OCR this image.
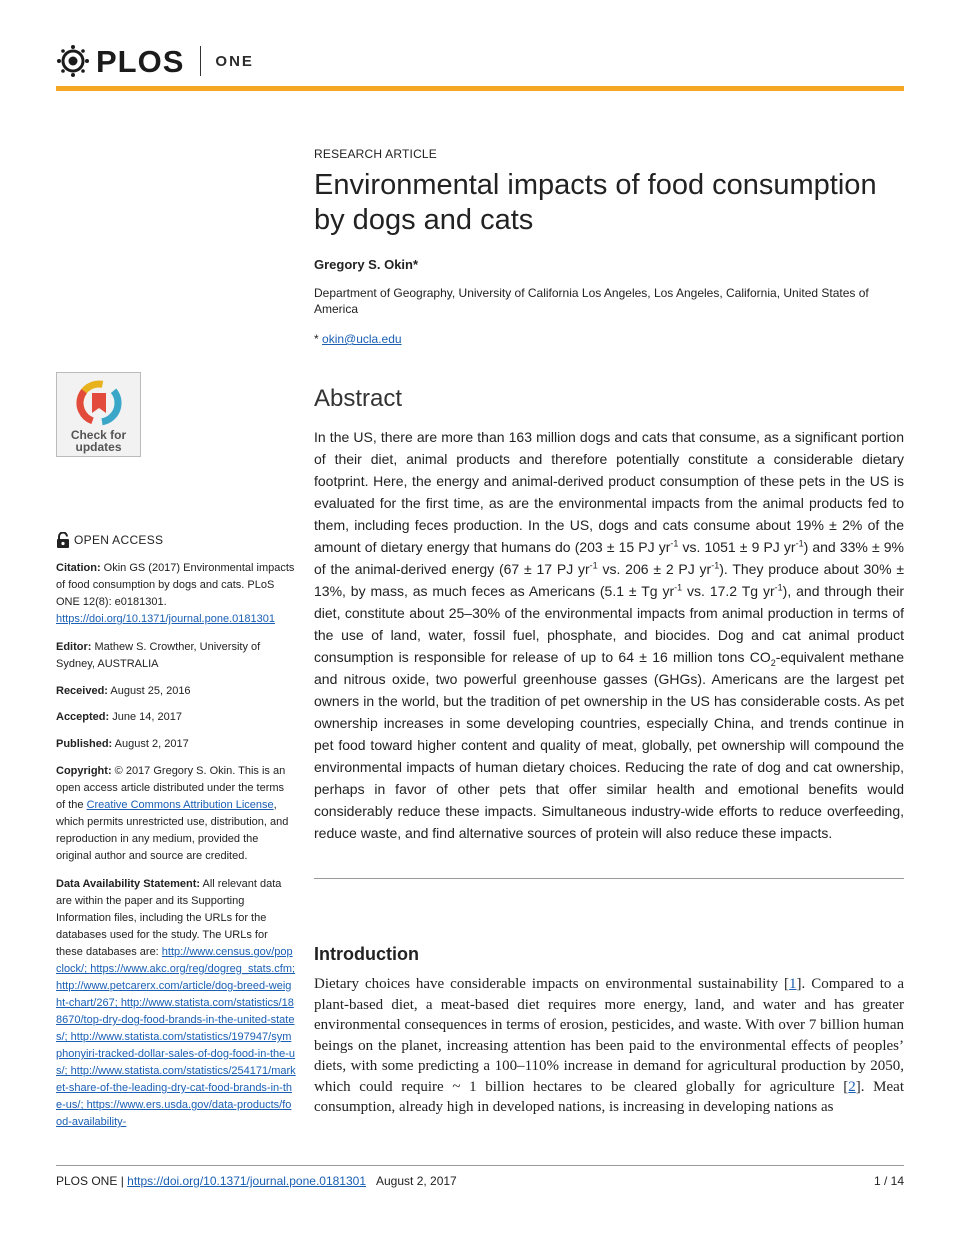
PLOS ONE
RESEARCH ARTICLE
Environmental impacts of food consumption by dogs and cats
Gregory S. Okin*
Department of Geography, University of California Los Angeles, Los Angeles, California, United States of America
* okin@ucla.edu
Abstract
In the US, there are more than 163 million dogs and cats that consume, as a significant portion of their diet, animal products and therefore potentially constitute a considerable dietary footprint. Here, the energy and animal-derived product consumption of these pets in the US is evaluated for the first time, as are the environmental impacts from the animal products fed to them, including feces production. In the US, dogs and cats consume about 19% ± 2% of the amount of dietary energy that humans do (203 ± 15 PJ $yr^{-1}$ vs. 1051 ± 9 PJ $yr^{-1}$) and 33% ± 9% of the animal-derived energy (67 ± 17 PJ $yr^{-1}$ vs. 206 ± 2 PJ $yr^{-1}$). They produce about 30% ± 13%, by mass, as much feces as Americans (5.1 ± Tg $yr^{-1}$ vs. 17.2 Tg $yr^{-1}$), and through their diet, constitute about 25–30% of the environmental impacts from animal production in terms of the use of land, water, fossil fuel, phosphate, and biocides. Dog and cat animal product consumption is responsible for release of up to 64 ± 16 million tons $CO_2$-equivalent methane and nitrous oxide, two powerful greenhouse gasses (GHGs). Americans are the largest pet owners in the world, but the tradition of pet ownership in the US has considerable costs. As pet ownership increases in some developing countries, especially China, and trends continue in pet food toward higher content and quality of meat, globally, pet ownership will compound the environmental impacts of human dietary choices. Reducing the rate of dog and cat ownership, perhaps in favor of other pets that offer similar health and emotional benefits would considerably reduce these impacts. Simultaneous industry-wide efforts to reduce overfeeding, reduce waste, and find alternative sources of protein will also reduce these impacts.
Introduction
Dietary choices have considerable impacts on environmental sustainability [1]. Compared to a plant-based diet, a meat-based diet requires more energy, land, and water and has greater environmental consequences in terms of erosion, pesticides, and waste. With over 7 billion human beings on the planet, increasing attention has been paid to the environmental effects of peoples’ diets, with some predicting a 100–110% increase in demand for agricultural production by 2050, which could require ~ 1 billion hectares to be cleared globally for agriculture [2]. Meat consumption, already high in developed nations, is increasing in developing nations as
Check for
updates
OPEN ACCESS
Citation: Okin GS (2017) Environmental impacts of food consumption by dogs and cats. PLoS ONE 12(8): e0181301. https://doi.org/10.1371/journal.pone.0181301
Editor: Mathew S. Crowther, University of Sydney, AUSTRALIA
Received: August 25, 2016
Accepted: June 14, 2017
Published: August 2, 2017
Copyright: © 2017 Gregory S. Okin. This is an open access article distributed under the terms of the Creative Commons Attribution License, which permits unrestricted use, distribution, and reproduction in any medium, provided the original author and source are credited.
Data Availability Statement: All relevant data are within the paper and its Supporting Information files, including the URLs for the databases used for the study. The URLs for these databases are: http://www.census.gov/popclock/; https://www.akc.org/reg/dogreg_stats.cfm; http://www.petcarerx.com/article/dog-breed-weight-chart/267; http://www.statista.com/statistics/188670/top-dry-dog-food-brands-in-the-united-states/; http://www.statista.com/statistics/197947/symphonyiri-tracked-dollar-sales-of-dog-food-in-the-us/; http://www.statista.com/statistics/254171/market-share-of-the-leading-dry-cat-food-brands-in-the-us/; https://www.ers.usda.gov/data-products/food-availability-
PLOS ONE | https://doi.org/10.1371/journal.pone.0181301 August 2, 2017	1 / 14
